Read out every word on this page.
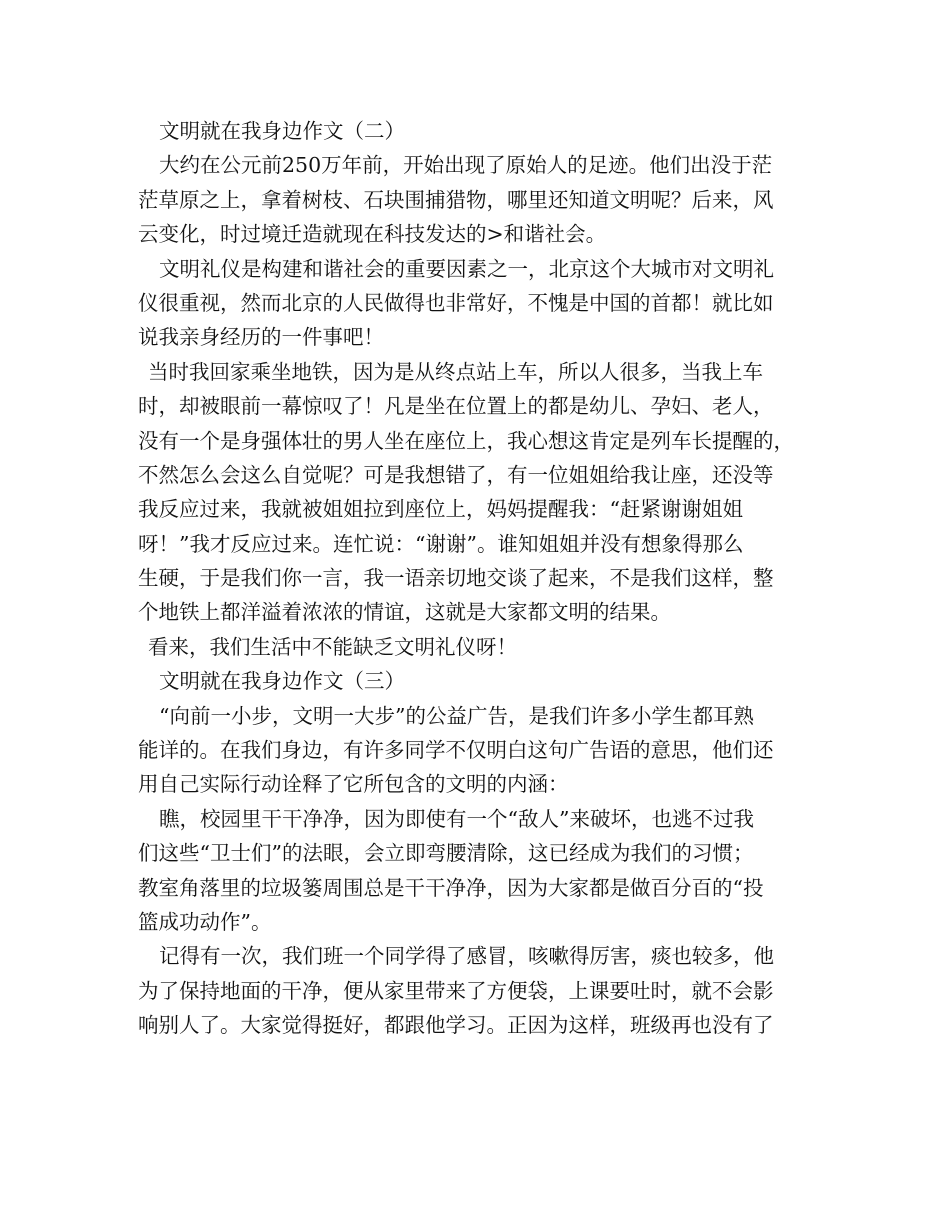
文明就在我身边作文（二）
大约在公元前250万年前，开始出现了原始人的足迹。他们出没于茫
茫草原之上，拿着树枝、石块围捕猎物，哪里还知道文明呢？后来，风
云变化，时过境迁造就现在科技发达的>和谐社会。
文明礼仪是构建和谐社会的重要因素之一，北京这个大城市对文明礼
仪很重视，然而北京的人民做得也非常好，不愧是中国的首都！就比如
说我亲身经历的一件事吧！
当时我回家乘坐地铁，因为是从终点站上车，所以人很多，当我上车
时，却被眼前一幕惊叹了！凡是坐在位置上的都是幼儿、孕妇、老人，
没有一个是身强体壮的男人坐在座位上，我心想这肯定是列车长提醒的，
不然怎么会这么自觉呢？可是我想错了，有一位姐姐给我让座，还没等
我反应过来，我就被姐姐拉到座位上，妈妈提醒我：“赶紧谢谢姐姐
呀！”我才反应过来。连忙说：“谢谢”。谁知姐姐并没有想象得那么
生硬，于是我们你一言，我一语亲切地交谈了起来，不是我们这样，整
个地铁上都洋溢着浓浓的情谊，这就是大家都文明的结果。
看来，我们生活中不能缺乏文明礼仪呀！
文明就在我身边作文（三）
“向前一小步，文明一大步”的公益广告，是我们许多小学生都耳熟
能详的。在我们身边，有许多同学不仅明白这句广告语的意思，他们还
用自己实际行动诠释了它所包含的文明的内涵：
瞧，校园里干干净净，因为即使有一个“敌人”来破坏，也逃不过我
们这些“卫士们”的法眼，会立即弯腰清除，这已经成为我们的习惯；
教室角落里的垃圾篓周围总是干干净净，因为大家都是做百分百的“投
篮成功动作”。
记得有一次，我们班一个同学得了感冒，咳嗽得厉害，痰也较多，他
为了保持地面的干净，便从家里带来了方便袋，上课要吐时，就不会影
响别人了。大家觉得挺好，都跟他学习。正因为这样，班级再也没有了
